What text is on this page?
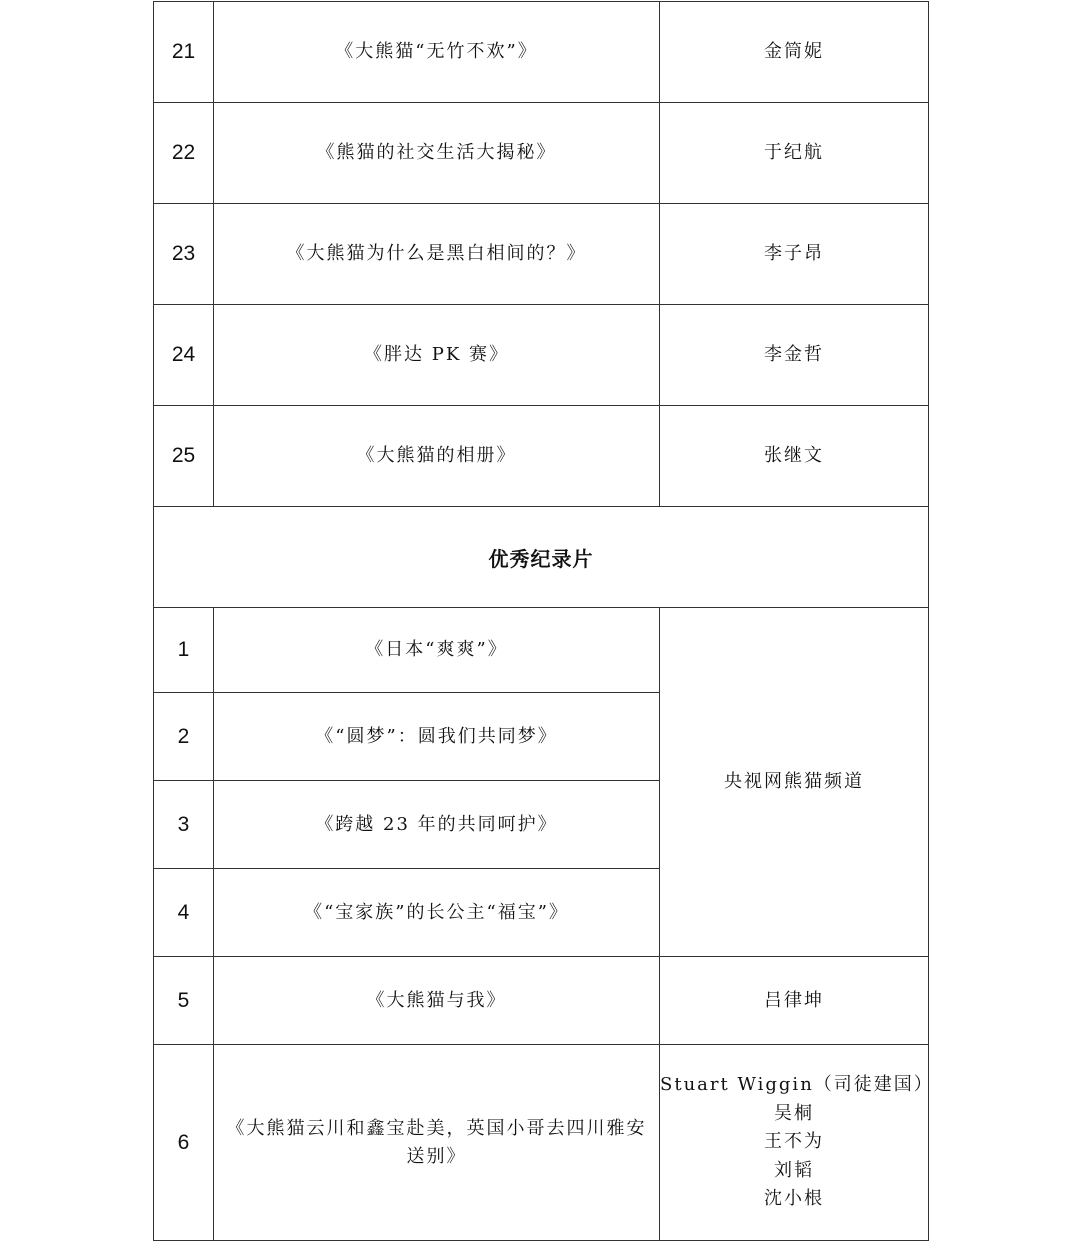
21	《大熊猫“无竹不欢”》	金筒妮
22	《熊猫的社交生活大揭秘》	于纪航
23	《大熊猫为什么是黑白相间的？》	李子昂
24	《胖达 PK 赛》	李金哲
25	《大熊猫的相册》	张继文
优秀纪录片		
1	《日本“爽爽”》	央视网熊猫频道
2	《“圆梦”：圆我们共同梦》	
3	《跨越 23 年的共同呵护》	
4	《“宝家族”的长公主“福宝”》	
5	《大熊猫与我》	吕律坤
6	《大熊猫云川和鑫宝赴美，英国小哥去四川雅安送别》	Stuart Wiggin（司徒建国）
吴桐
王不为
刘韬
沈小根
